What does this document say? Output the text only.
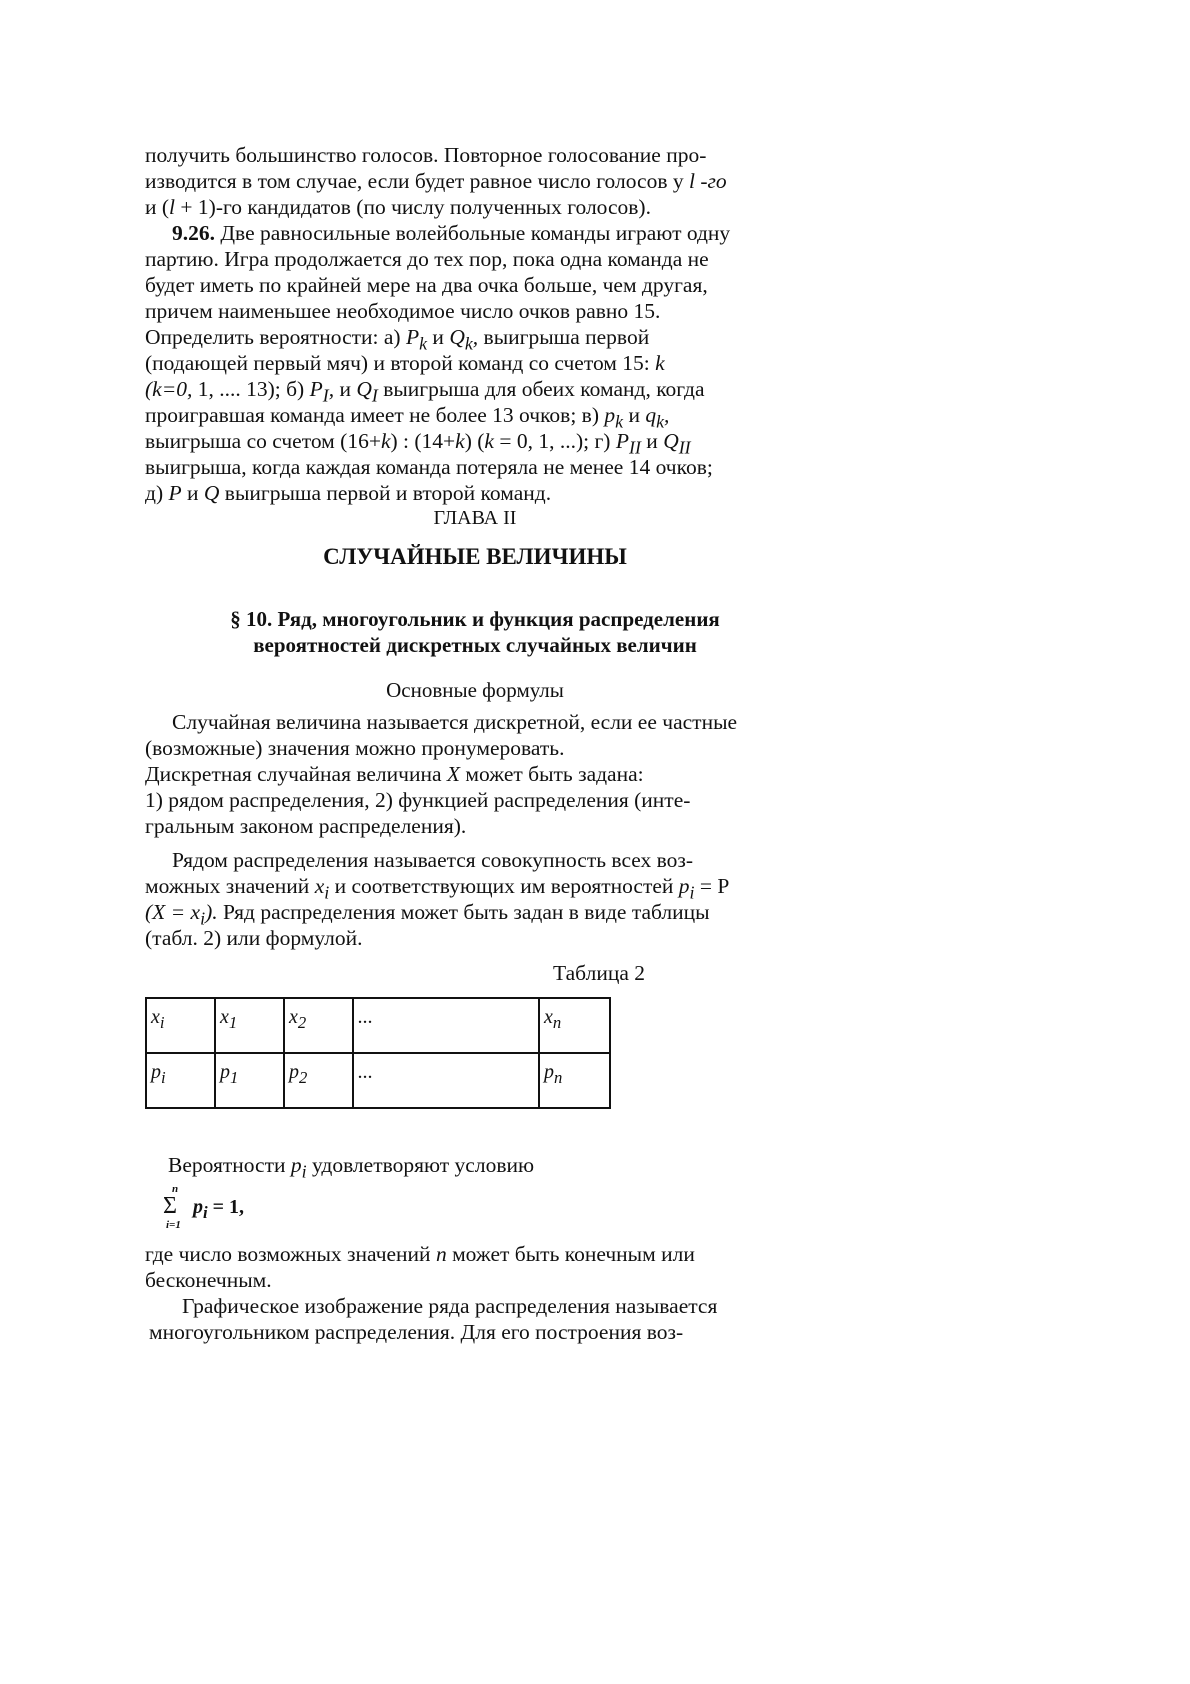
получить большинство голосов. Повторное голосование про-
изводится в том случае, если будет равное число голосов у l -го
и (l + 1)-го кандидатов (по числу полученных голосов).
9.26. Две равносильные волейбольные команды играют одну
партию. Игра продолжается до тех пор, пока одна команда не
будет иметь по крайней мере на два очка больше, чем другая,
причем наименьшее необходимое число очков равно 15.
Определить вероятности: а) $P_k$ и $Q_k$, выигрыша первой
(подающей первый мяч) и второй команд со счетом 15: k
(k=0, 1, .... 13); б) $P_I$, и $Q_I$ выигрыша для обеих команд, когда
проигравшая команда имеет не более 13 очков; в) $p_k$ и $q_k$,
выигрыша со счетом (16+k) : (14+k) (k = 0, 1, ...); г) $P_{II}$ и $Q_{II}$
выигрыша, когда каждая команда потеряла не менее 14 очков;
д) P и Q выигрыша первой и второй команд.
ГЛАВА II
СЛУЧАЙНЫЕ ВЕЛИЧИНЫ
§ 10. Ряд, многоугольник и функция распределения
вероятностей дискретных случайных величин
Основные формулы
Случайная величина называется дискретной, если ее частные
(возможные) значения можно пронумеровать.
Дискретная случайная величина X может быть задана:
1) рядом распределения, 2) функцией распределения (инте-
гральным законом распределения).
Рядом распределения называется совокупность всех воз-
можных значений $x_i$ и соответствующих им вероятностей $p_i = P$
$(X = x_i)$. Ряд распределения может быть задан в виде таблицы
(табл. 2) или формулой.
Таблица 2
$x_i$	$x_1$	$x_2$	...	$x_n$
$p_i$	$p_1$	$p_2$	...	$p_n$
Вероятности $p_i$ удовлетворяют условию
n
Σ
i=1
$p_i = 1$,
где число возможных значений n может быть конечным или
бесконечным.
Графическое изображение ряда распределения называется
многоугольником распределения. Для его построения воз-
